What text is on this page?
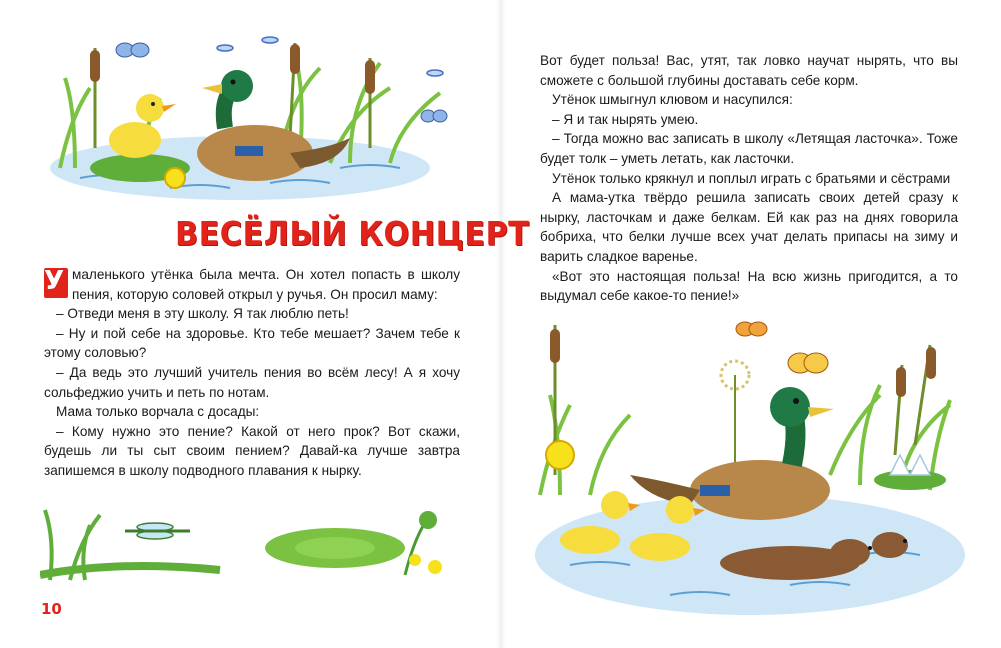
ВЕСЁЛЫЙ КОНЦЕРТ

У маленького утёнка была мечта. Он хотел попасть в школу пения, которую соловей открыл у ручья. Он просил маму:

– Отведи меня в эту школу. Я так люблю петь!

– Ну и пой себе на здоровье. Кто тебе мешает? Зачем тебе к этому соловью?

– Да ведь это лучший учитель пения во всём лесу! А я хочу сольфеджио учить и петь по нотам.

Мама только ворчала с досады:

– Кому нужно это пение? Какой от него прок? Вот скажи, будешь ли ты сыт своим пением? Давай-ка лучше завтра запишемся в школу подводного плавания к нырку.

10

Вот будет польза! Вас, утят, так ловко научат нырять, что вы сможете с большой глубины доставать себе корм.

Утёнок шмыгнул клювом и насупился:

– Я и так нырять умею.

– Тогда можно вас записать в школу «Летящая ласточка». Тоже будет толк – уметь летать, как ласточки.

Утёнок только крякнул и поплыл играть с братьями и сёстрами

А мама-утка твёрдо решила записать своих детей сразу к нырку, ласточкам и даже белкам. Ей как раз на днях говорила бобриха, что белки лучше всех учат делать припасы на зиму и варить сладкое варенье.

«Вот это настоящая польза! На всю жизнь пригодится, а то выдумал себе какое-то пение!»
